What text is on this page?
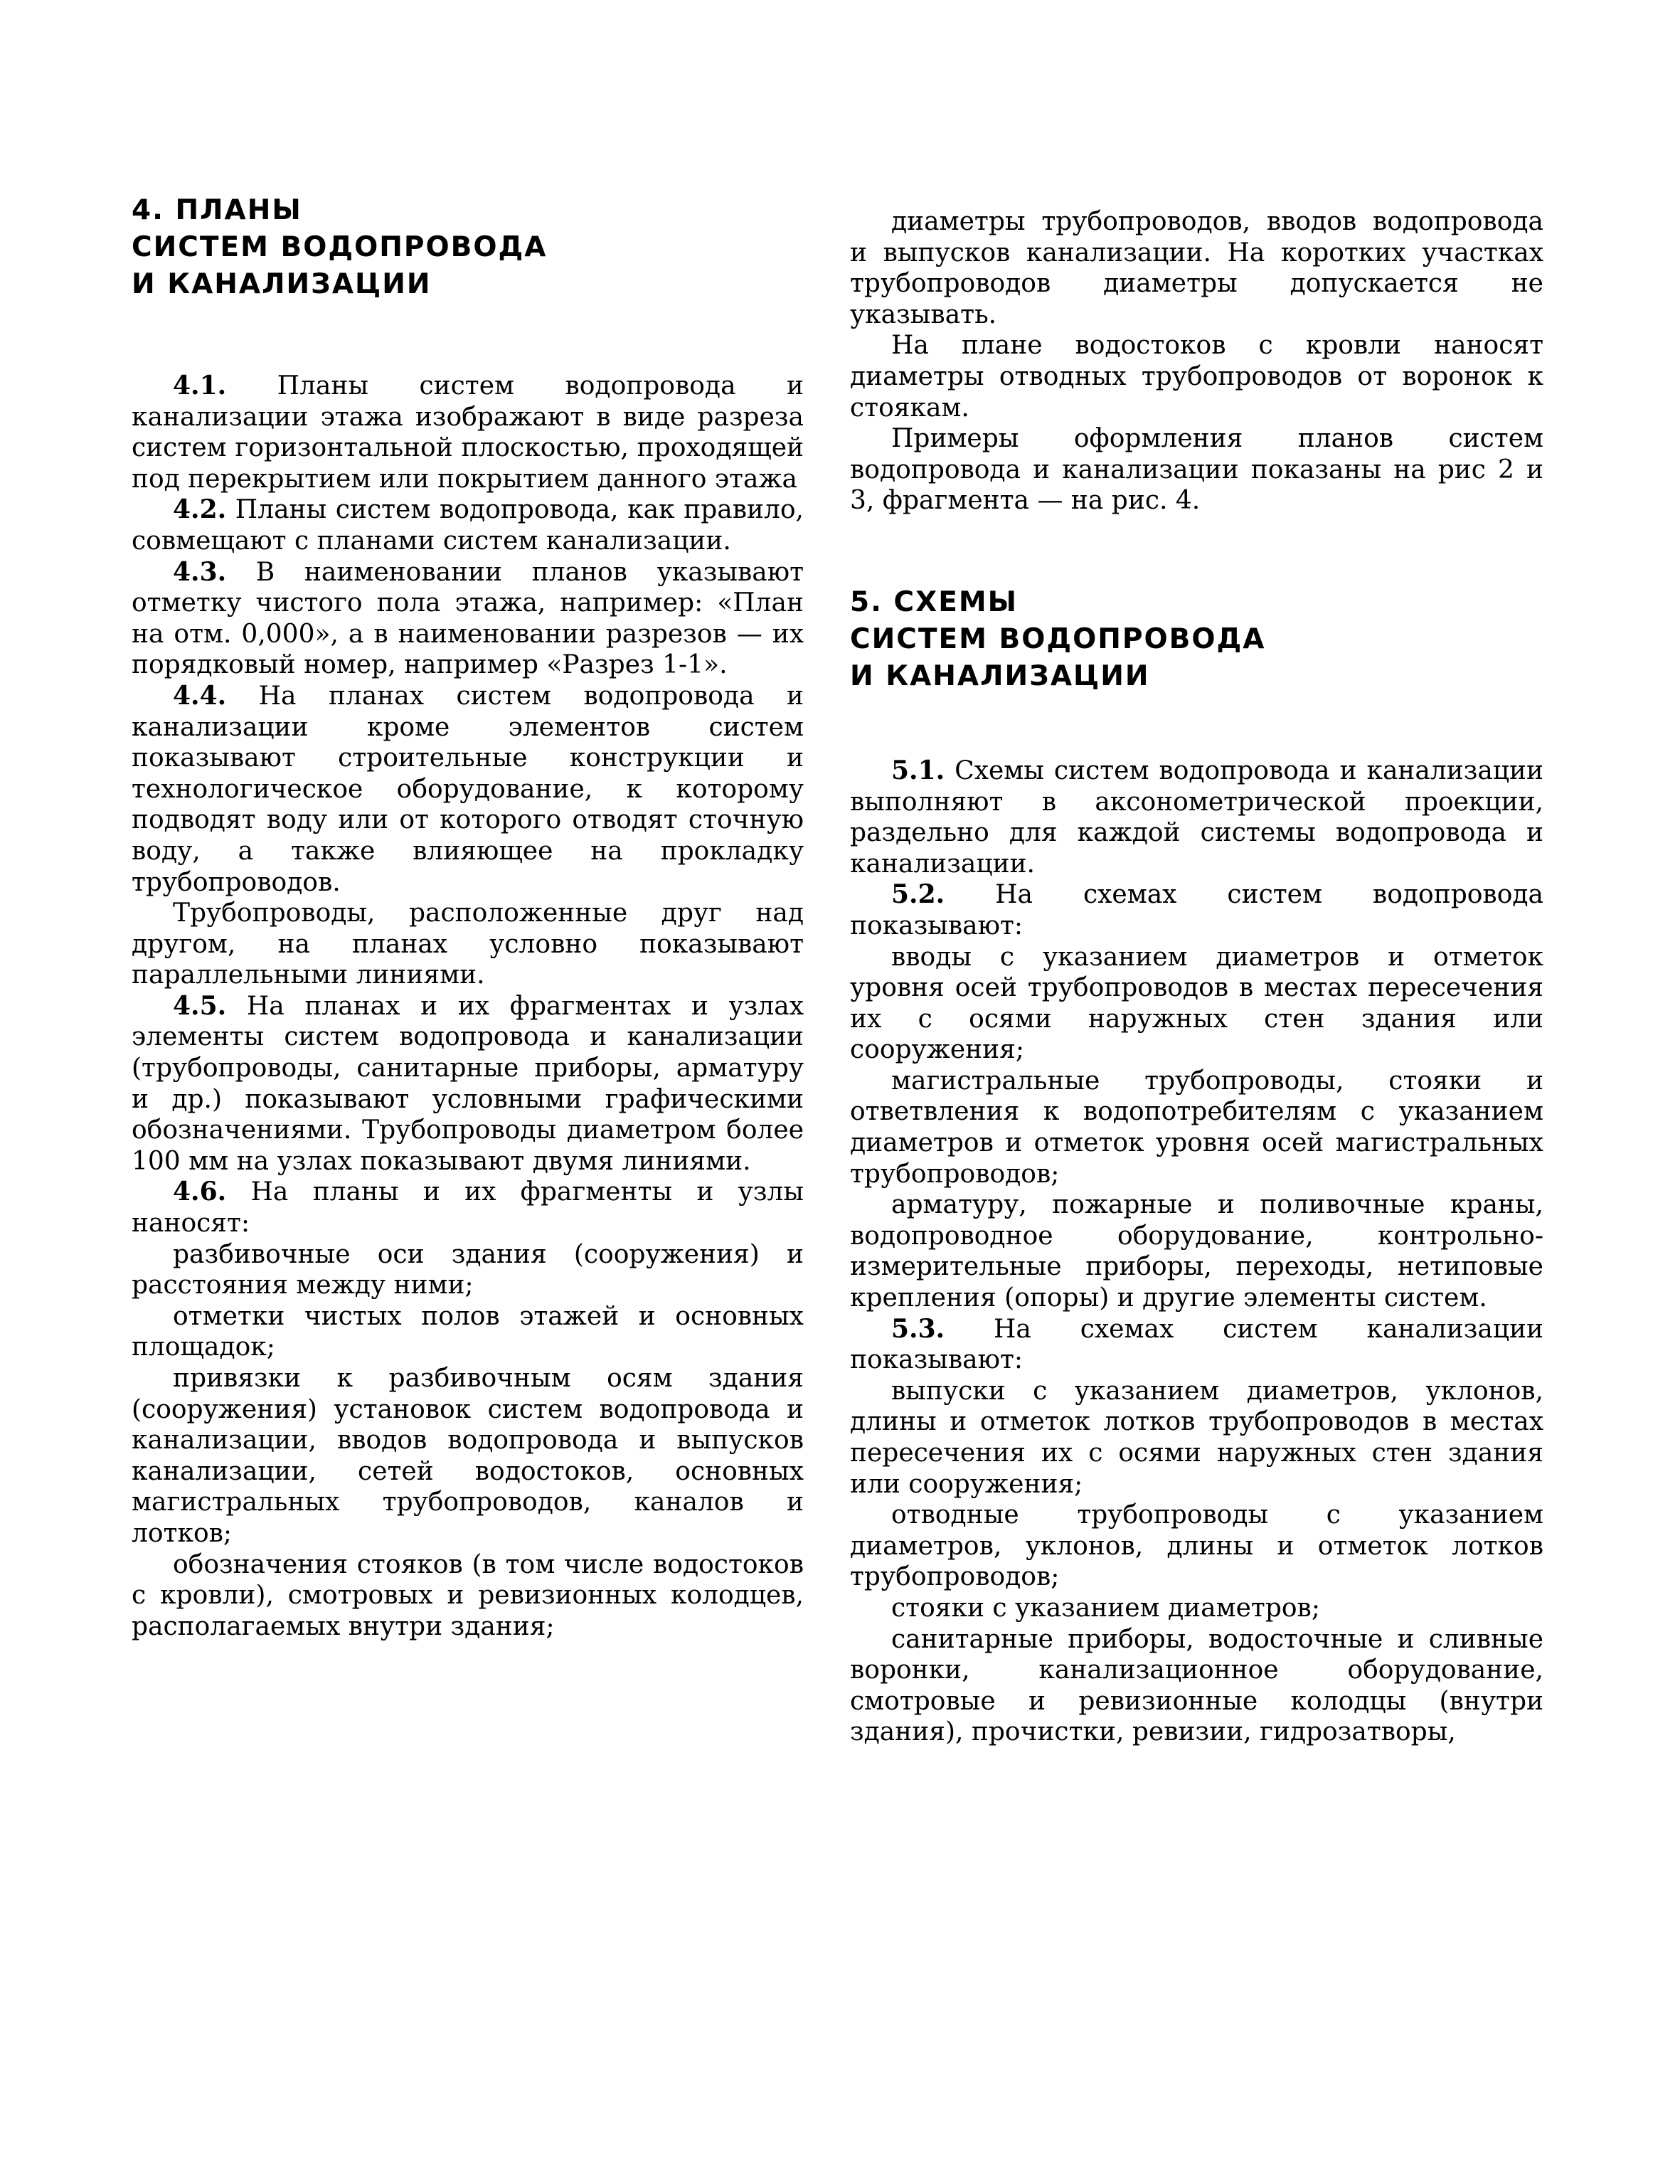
4. ПЛАНЫ
СИСТЕМ ВОДОПРОВОДА
И КАНАЛИЗАЦИИ

4.1. Планы систем водопровода и канализации этажа изображают в виде разреза систем горизонтальной плоскостью, проходящей под перекрытием или покрытием данного этажа

4.2. Планы систем водопровода, как правило, совмещают с планами систем канализации.

4.3. В наименовании планов указывают отметку чистого пола этажа, например: «План на отм. 0,000», а в наименовании разрезов — их порядковый номер, например «Разрез 1-1».

4.4. На планах систем водопровода и канализации кроме элементов систем показывают строительные конструкции и технологическое оборудование, к которому подводят воду или от которого отводят сточную воду, а также влияющее на прокладку трубопроводов.

Трубопроводы, расположенные друг над другом, на планах условно показывают параллельными линиями.

4.5. На планах и их фрагментах и узлах элементы систем водопровода и канализации (трубопроводы, санитарные приборы, арматуру и др.) показывают условными графическими обозначениями. Трубопроводы диаметром более 100 мм на узлах показывают двумя линиями.

4.6. На планы и их фрагменты и узлы наносят:

разбивочные оси здания (сооружения) и расстояния между ними;

отметки чистых полов этажей и основных площадок;

привязки к разбивочным осям здания (сооружения) установок систем водопровода и канализации, вводов водопровода и выпусков канализации, сетей водостоков, основных магистральных трубопроводов, каналов и лотков;

обозначения стояков (в том числе водостоков с кровли), смотровых и ревизионных колодцев, располагаемых внутри здания;

диаметры трубопроводов, вводов водопровода и выпусков канализации. На коротких участках трубопроводов диаметры допускается не указывать.

На плане водостоков с кровли наносят диаметры отводных трубопроводов от воронок к стоякам.

Примеры оформления планов систем водопровода и канализации показаны на рис 2 и 3, фрагмента — на рис. 4.

5. СХЕМЫ
СИСТЕМ ВОДОПРОВОДА
И КАНАЛИЗАЦИИ

5.1. Схемы систем водопровода и канализации выполняют в аксонометрической проекции, раздельно для каждой системы водопровода и канализации.

5.2. На схемах систем водопровода показывают:

вводы с указанием диаметров и отметок уровня осей трубопроводов в местах пересечения их с осями наружных стен здания или сооружения;

магистральные трубопроводы, стояки и ответвления к водопотребителям с указанием диаметров и отметок уровня осей магистральных трубопроводов;

арматуру, пожарные и поливочные краны, водопроводное оборудование, контрольно-измерительные приборы, переходы, нетиповые крепления (опоры) и другие элементы систем.

5.3. На схемах систем канализации показывают:

выпуски с указанием диаметров, уклонов, длины и отметок лотков трубопроводов в местах пересечения их с осями наружных стен здания или сооружения;

отводные трубопроводы с указанием диаметров, уклонов, длины и отметок лотков трубопроводов;

стояки с указанием диаметров;

санитарные приборы, водосточные и сливные воронки, канализационное оборудование, смотровые и ревизионные колодцы (внутри здания), прочистки, ревизии, гидрозатворы,
